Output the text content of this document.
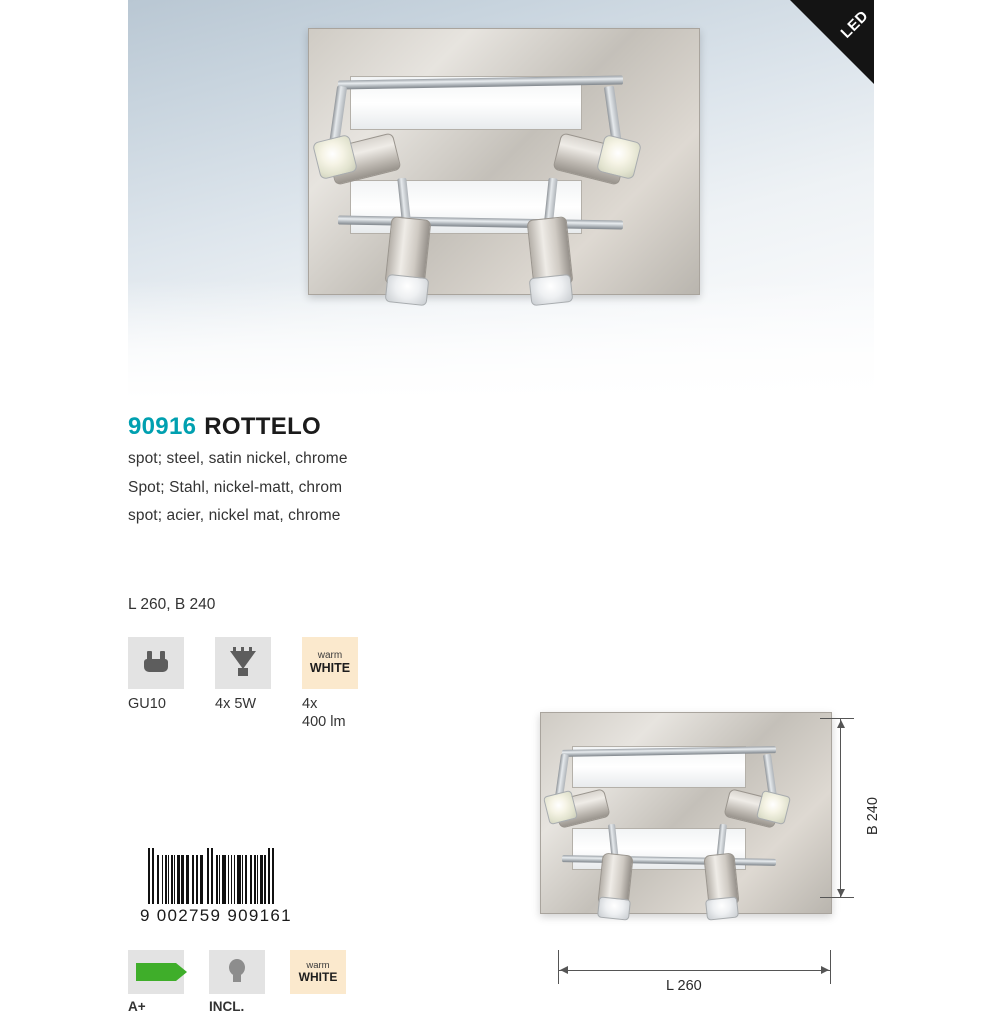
LED
90916 ROTTELO
spot; steel, satin nickel, chrome
Spot; Stahl, nickel-matt, chrom
spot; acier, nickel mat, chrome
L 260, B 240
GU10	4x 5W
warm
WHITE
4x
400 lm
9 002759 909161
A+	INCL.
warm
WHITE
B 240
L 260
